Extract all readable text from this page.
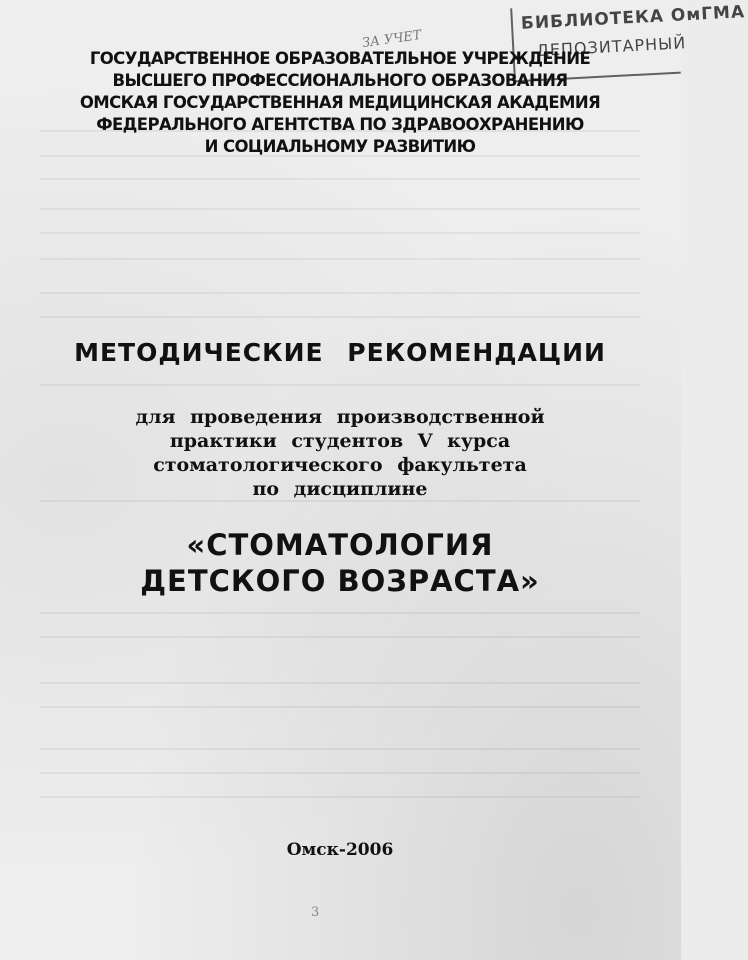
БИБЛИОТЕКА ОмГМА
ДЕПОЗИТАРНЫЙ
ЗА УЧЕТ
ГОСУДАРСТВЕННОЕ ОБРАЗОВАТЕЛЬНОЕ УЧРЕЖДЕНИЕ
ВЫСШЕГО ПРОФЕССИОНАЛЬНОГО ОБРАЗОВАНИЯ
ОМСКАЯ ГОСУДАРСТВЕННАЯ МЕДИЦИНСКАЯ АКАДЕМИЯ
ФЕДЕРАЛЬНОГО АГЕНТСТВА ПО ЗДРАВООХРАНЕНИЮ
И СОЦИАЛЬНОМУ РАЗВИТИЮ
МЕТОДИЧЕСКИЕ РЕКОМЕНДАЦИИ
для проведения производственной
практики студентов V курса
стоматологического факультета
по дисциплине
«СТОМАТОЛОГИЯ
ДЕТСКОГО ВОЗРАСТА»
Омск-2006
3
